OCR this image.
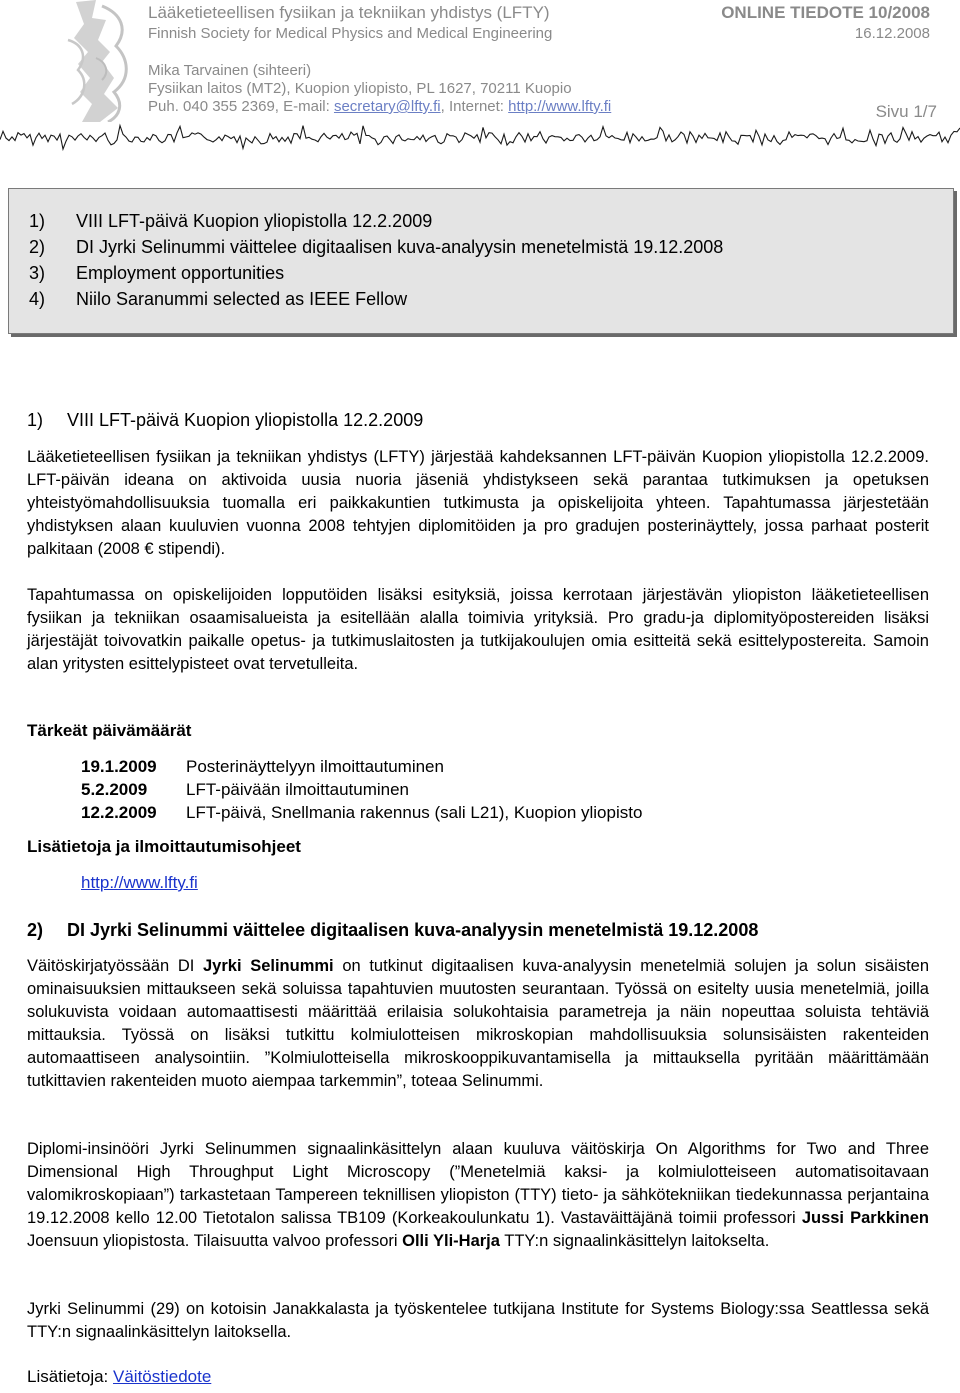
Lääketieteellisen fysiikan ja tekniikan yhdistys (LFTY)
Finnish Society for Medical Physics and Medical Engineering
ONLINE TIEDOTE 10/2008
16.12.2008
Mika Tarvainen (sihteeri)
Fysiikan laitos (MT2), Kuopion yliopisto, PL 1627, 70211 Kuopio
Puh. 040 355 2369, E-mail: secretary@lfty.fi, Internet: http://www.lfty.fi	Sivu 1/7
1) VIII LFT-päivä Kuopion yliopistolla 12.2.2009
2) DI Jyrki Selinummi väittelee digitaalisen kuva-analyysin menetelmistä 19.12.2008
3) Employment opportunities
4) Niilo Saranummi selected as IEEE Fellow
1) VIII LFT-päivä Kuopion yliopistolla 12.2.2009

Lääketieteellisen fysiikan ja tekniikan yhdistys (LFTY) järjestää kahdeksannen LFT-päivän Kuopion yliopistolla 12.2.2009. LFT-päivän ideana on aktivoida uusia nuoria jäseniä yhdistykseen sekä parantaa tutkimuksen ja opetuksen yhteistyömahdollisuuksia tuomalla eri paikkakuntien tutkimusta ja opiskelijoita yhteen. Tapahtumassa järjestetään yhdistyksen alaan kuuluvien vuonna 2008 tehtyjen diplomitöiden ja pro gradujen posterinäyttely, jossa parhaat posterit palkitaan (2008 € stipendi).

Tapahtumassa on opiskelijoiden lopputöiden lisäksi esityksiä, joissa kerrotaan järjestävän yliopiston lääketieteellisen fysiikan ja tekniikan osaamisalueista ja esitellään alalla toimivia yrityksiä. Pro gradu-ja diplomityöpostereiden lisäksi järjestäjät toivovatkin paikalle opetus- ja tutkimuslaitosten ja tutkijakoulujen omia esitteitä sekä esittelypostereita. Samoin alan yritysten esittelypisteet ovat tervetulleita.

Tärkeät päivämäärät
19.1.2009 Posterinäyttelyyn ilmoittautuminen
5.2.2009 LFT-päivään ilmoittautuminen
12.2.2009 LFT-päivä, Snellmania rakennus (sali L21), Kuopion yliopisto
Lisätietoja ja ilmoittautumisohjeet
http://www.lfty.fi
2) DI Jyrki Selinummi väittelee digitaalisen kuva-analyysin menetelmistä 19.12.2008

Väitöskirjatyössään DI Jyrki Selinummi on tutkinut digitaalisen kuva-analyysin menetelmiä solujen ja solun sisäisten ominaisuuksien mittaukseen sekä soluissa tapahtuvien muutosten seurantaan. Työssä on esitelty uusia menetelmiä, joilla solukuvista voidaan automaattisesti määrittää erilaisia solukohtaisia parametreja ja näin nopeuttaa soluista tehtäviä mittauksia. Työssä on lisäksi tutkittu kolmiulotteisen mikroskopian mahdollisuuksia solunsisäisten rakenteiden automaattiseen analysointiin. ”Kolmiulotteisella mikroskooppikuvantamisella ja mittauksella pyritään määrittämään tutkittavien rakenteiden muoto aiempaa tarkemmin”, toteaa Selinummi.

Diplomi-insinööri Jyrki Selinummen signaalinkäsittelyn alaan kuuluva väitöskirja On Algorithms for Two and Three Dimensional High Throughput Light Microscopy (”Menetelmiä kaksi- ja kolmiulotteiseen automatisoitavaan valomikroskopiaan”) tarkastetaan Tampereen teknillisen yliopiston (TTY) tieto- ja sähkötekniikan tiedekunnassa perjantaina 19.12.2008 kello 12.00 Tietotalon salissa TB109 (Korkeakoulunkatu 1). Vastaväittäjänä toimii professori Jussi Parkkinen Joensuun yliopistosta. Tilaisuutta valvoo professori Olli Yli-Harja TTY:n signaalinkäsittelyn laitokselta.

Jyrki Selinummi (29) on kotoisin Janakkalasta ja työskentelee tutkijana Institute for Systems Biology:ssa Seattlessa sekä TTY:n signaalinkäsittelyn laitoksella.

Lisätietoja: Väitöstiedote
